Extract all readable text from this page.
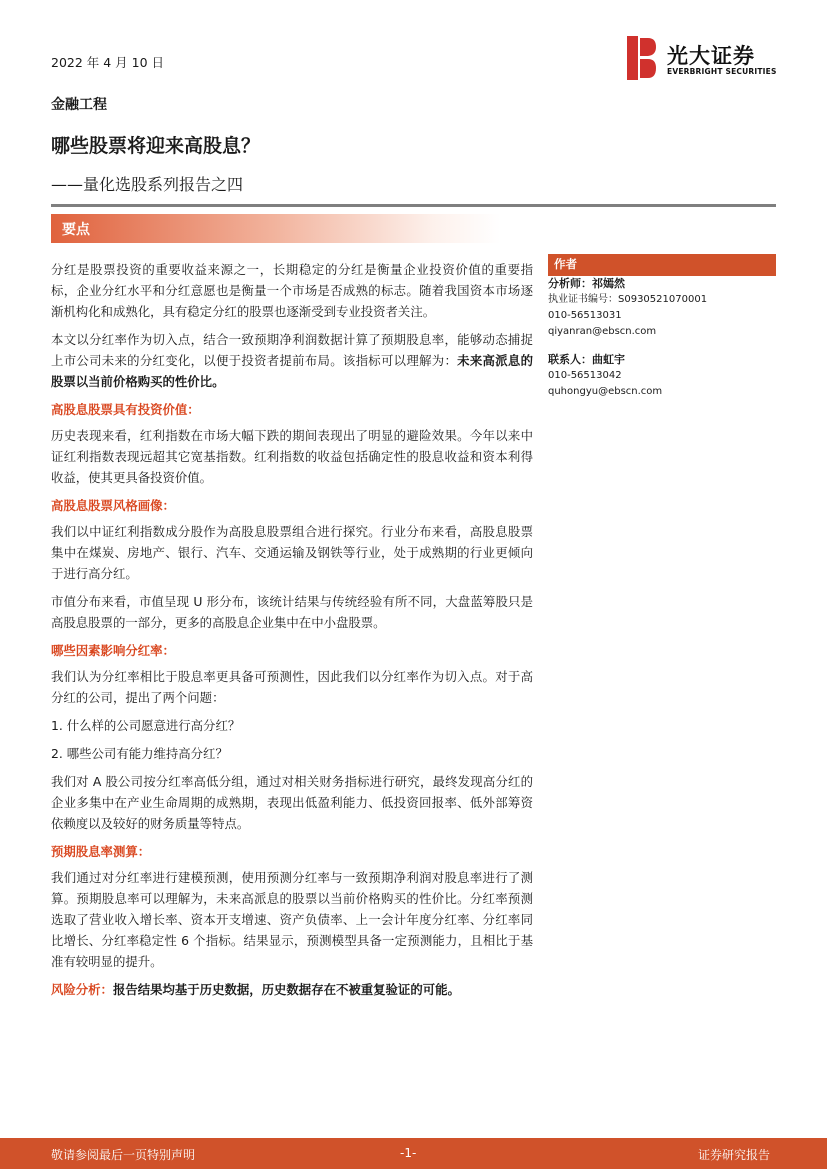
2022 年 4 月 10 日	光大证券
EVERBRIGHT SECURITIES
金融工程
哪些股票将迎来高股息？
——量化选股系列报告之四
要点

分红是股票投资的重要收益来源之一，长期稳定的分红是衡量企业投资价值的重要指标，企业分红水平和分红意愿也是衡量一个市场是否成熟的标志。随着我国资本市场逐渐机构化和成熟化，具有稳定分红的股票也逐渐受到专业投资者关注。

本文以分红率作为切入点，结合一致预期净利润数据计算了预期股息率，能够动态捕捉上市公司未来的分红变化，以便于投资者提前布局。该指标可以理解为：未来高派息的股票以当前价格购买的性价比。

高股息股票具有投资价值：

历史表现来看，红利指数在市场大幅下跌的期间表现出了明显的避险效果。今年以来中证红利指数表现远超其它宽基指数。红利指数的收益包括确定性的股息收益和资本利得收益，使其更具备投资价值。

高股息股票风格画像：

我们以中证红利指数成分股作为高股息股票组合进行探究。行业分布来看，高股息股票集中在煤炭、房地产、银行、汽车、交通运输及钢铁等行业，处于成熟期的行业更倾向于进行高分红。

市值分布来看，市值呈现 U 形分布，该统计结果与传统经验有所不同，大盘蓝筹股只是高股息股票的一部分，更多的高股息企业集中在中小盘股票。

哪些因素影响分红率：

我们认为分红率相比于股息率更具备可预测性，因此我们以分红率作为切入点。对于高分红的公司，提出了两个问题：

1. 什么样的公司愿意进行高分红？

2. 哪些公司有能力维持高分红？

我们对 A 股公司按分红率高低分组，通过对相关财务指标进行研究，最终发现高分红的企业多集中在产业生命周期的成熟期，表现出低盈利能力、低投资回报率、低外部筹资依赖度以及较好的财务质量等特点。

预期股息率测算：

我们通过对分红率进行建模预测，使用预测分红率与一致预期净利润对股息率进行了测算。预期股息率可以理解为，未来高派息的股票以当前价格购买的性价比。分红率预测选取了营业收入增长率、资本开支增速、资产负债率、上一会计年度分红率、分红率同比增长、分红率稳定性 6 个指标。结果显示，预测模型具备一定预测能力，且相比于基准有较明显的提升。

风险分析：报告结果均基于历史数据，历史数据存在不被重复验证的可能。

作者
分析师：祁嫣然
执业证书编号：S0930521070001
010-56513031
qiyanran@ebscn.com
联系人：曲虹宇
010-56513042
quhongyu@ebscn.com
敬请参阅最后一页特别声明	-1-	证券研究报告
